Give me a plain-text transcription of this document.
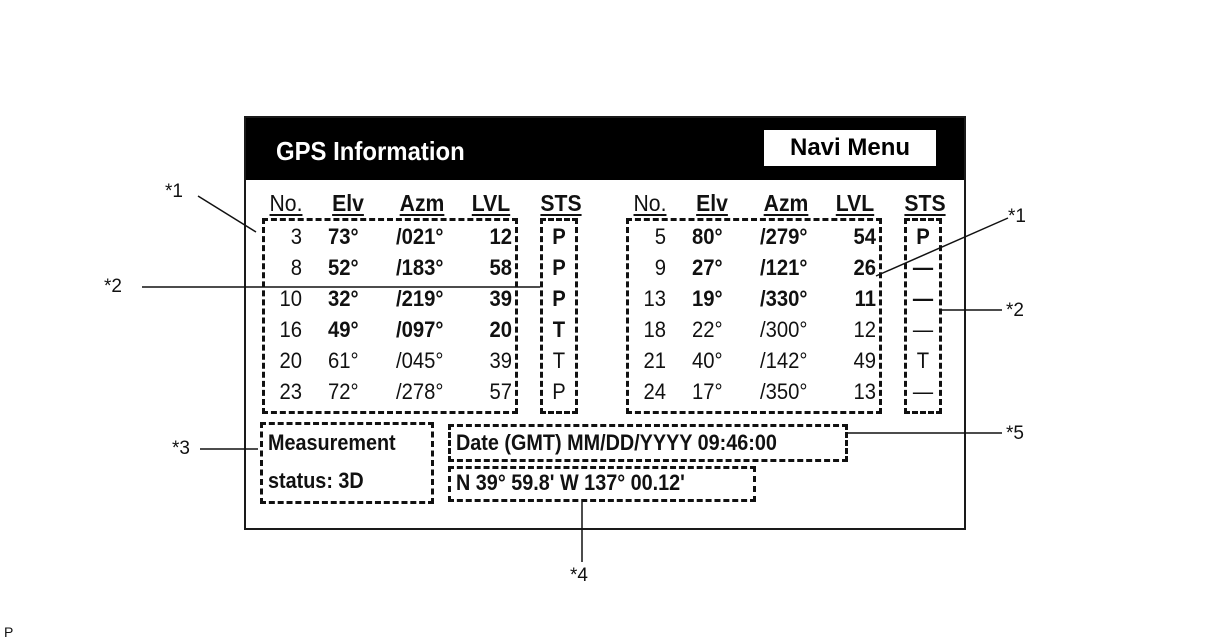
GPS Information	Navi Menu
No. Elv Azm LVL STS
3 73° /021°	12	P
8 52° /183°	58	P
10 32° /219°	39	P
16 49° /097°	20	T
20 61° /045°	39	T
23 72° /278°	57	P
No. Elv Azm LVL STS
5 80° /279°	54	P
9 27° /121°	26 —
13 19° /330°	11 —
18 22° /300°	12 —
21 40° /142°	49	T
24 17° /350°	13 —
Measurement
status: 3D
Date (GMT) MM/DD/YYYY 09:46:00
N 39° 59.8' W 137° 00.12'
*1
*1
*2
*2
*3
*4
*5
P
